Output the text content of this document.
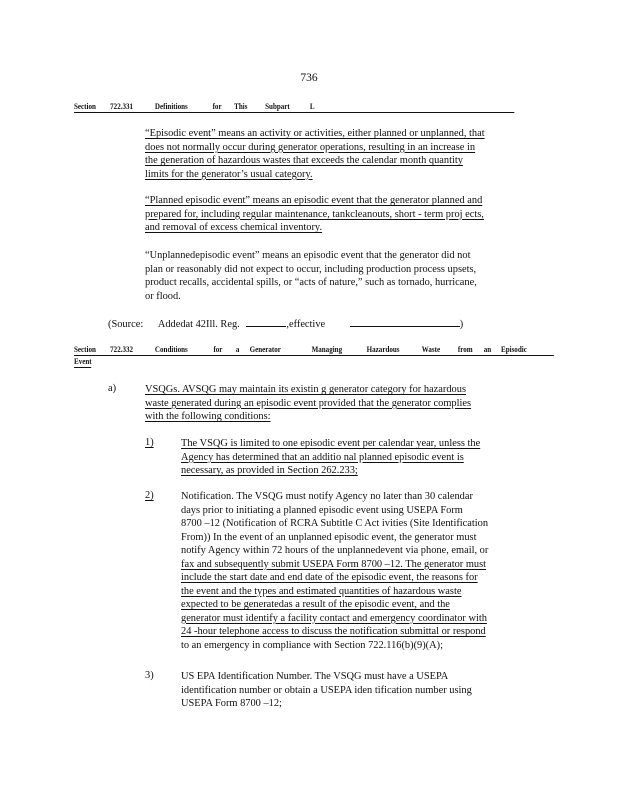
736
Section 722.331	Definitions	for This Subpart L
“Episodic event” means an activity or activities, either planned or unplanned, that
does not normally occur during generator operations, resulting in an increase in
the generation of hazardous wastes that exceeds the calendar month quantity
limits for the generator’s usual category.
“Planned episodic event” means an episodic event that the generator planned and
prepared for, including regular maintenance, tankcleanouts, short - term proj ects,
and removal of excess chemical inventory.
“Unplannedepisodic event” means an episodic event that the generator did not
plan or reasonably did not expect to occur, including production process upsets,
product recalls, accidental spills, or “acts of nature,” such as tornado, hurricane,
or flood.
(Source: Addedat 42Ill. Reg.	,effective	)
Section 722.332	Conditions	for a Generator	Managing	Hazardous	Waste from an Episodic
Event
a)	VSQGs. AVSQG may maintain its existin g generator category for hazardous
waste generated during an episodic event provided that the generator complies
with the following conditions:
1)	The VSQG is limited to one episodic event per calendar year, unless the
Agency has determined that an additio nal planned episodic event is
necessary, as provided in Section 262.233;
2)	Notification. The VSQG must notify Agency no later than 30 calendar
days prior to initiating a planned episodic event using USEPA Form
8700 –12 (Notification of RCRA Subtitle C Act ivities (Site Identification
From)) In the event of an unplanned episodic event, the generator must
notify Agency within 72 hours of the unplannedevent via phone, email, or
fax and subsequently submit USEPA Form 8700 –12. The generator must
include the start date and end date of the episodic event, the reasons for
the event and the types and estimated quantities of hazardous waste
expected to be generatedas a result of the episodic event, and the
generator must identify a facility contact and emergency coordinator with
24 -hour telephone access to discuss the notification submittal or respond
to an emergency in compliance with Section 722.116(b)(9)(A);
3)	US EPA Identification Number. The VSQG must have a USEPA
identification number or obtain a USEPA iden tification number using
USEPA Form 8700 –12;
